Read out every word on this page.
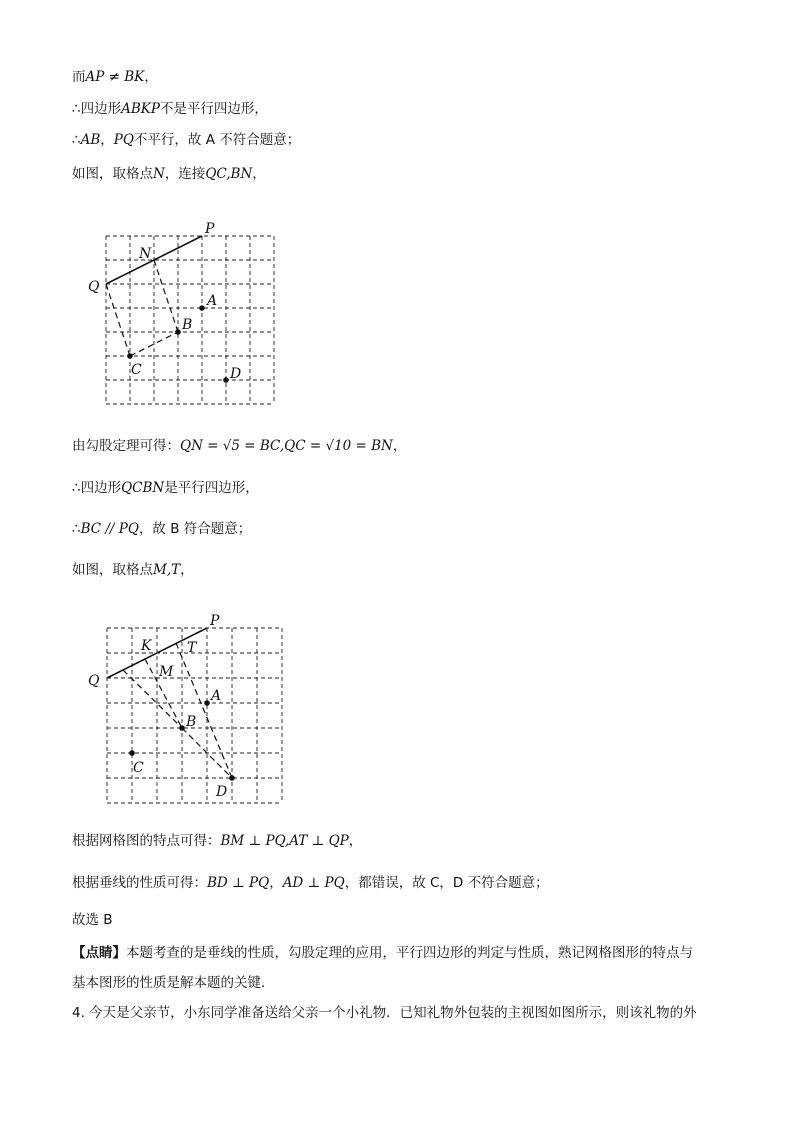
而AP ≠ BK，
∴四边形ABKP不是平行四边形，
∴AB，PQ不平行，故 A 不符合题意；
如图，取格点N，连接QC,BN，
P
N
Q
A
B
C	D
由勾股定理可得：QN = √5 = BC,QC = √10 = BN，
∴四边形QCBN是平行四边形，
∴BC // PQ，故 B 符合题意；
如图，取格点M,T，
P
K	T
M
Q
A
B
C
D
根据网格图的特点可得：BM ⊥ PQ,AT ⊥ QP，
根据垂线的性质可得：BD ⊥ PQ，AD ⊥ PQ，都错误，故 C，D 不符合题意；
故选 B
【点睛】本题考查的是垂线的性质，勾股定理的应用，平行四边形的判定与性质，熟记网格图形的特点与
基本图形的性质是解本题的关键．
4. 今天是父亲节，小东同学准备送给父亲一个小礼物．已知礼物外包装的主视图如图所示，则该礼物的外
